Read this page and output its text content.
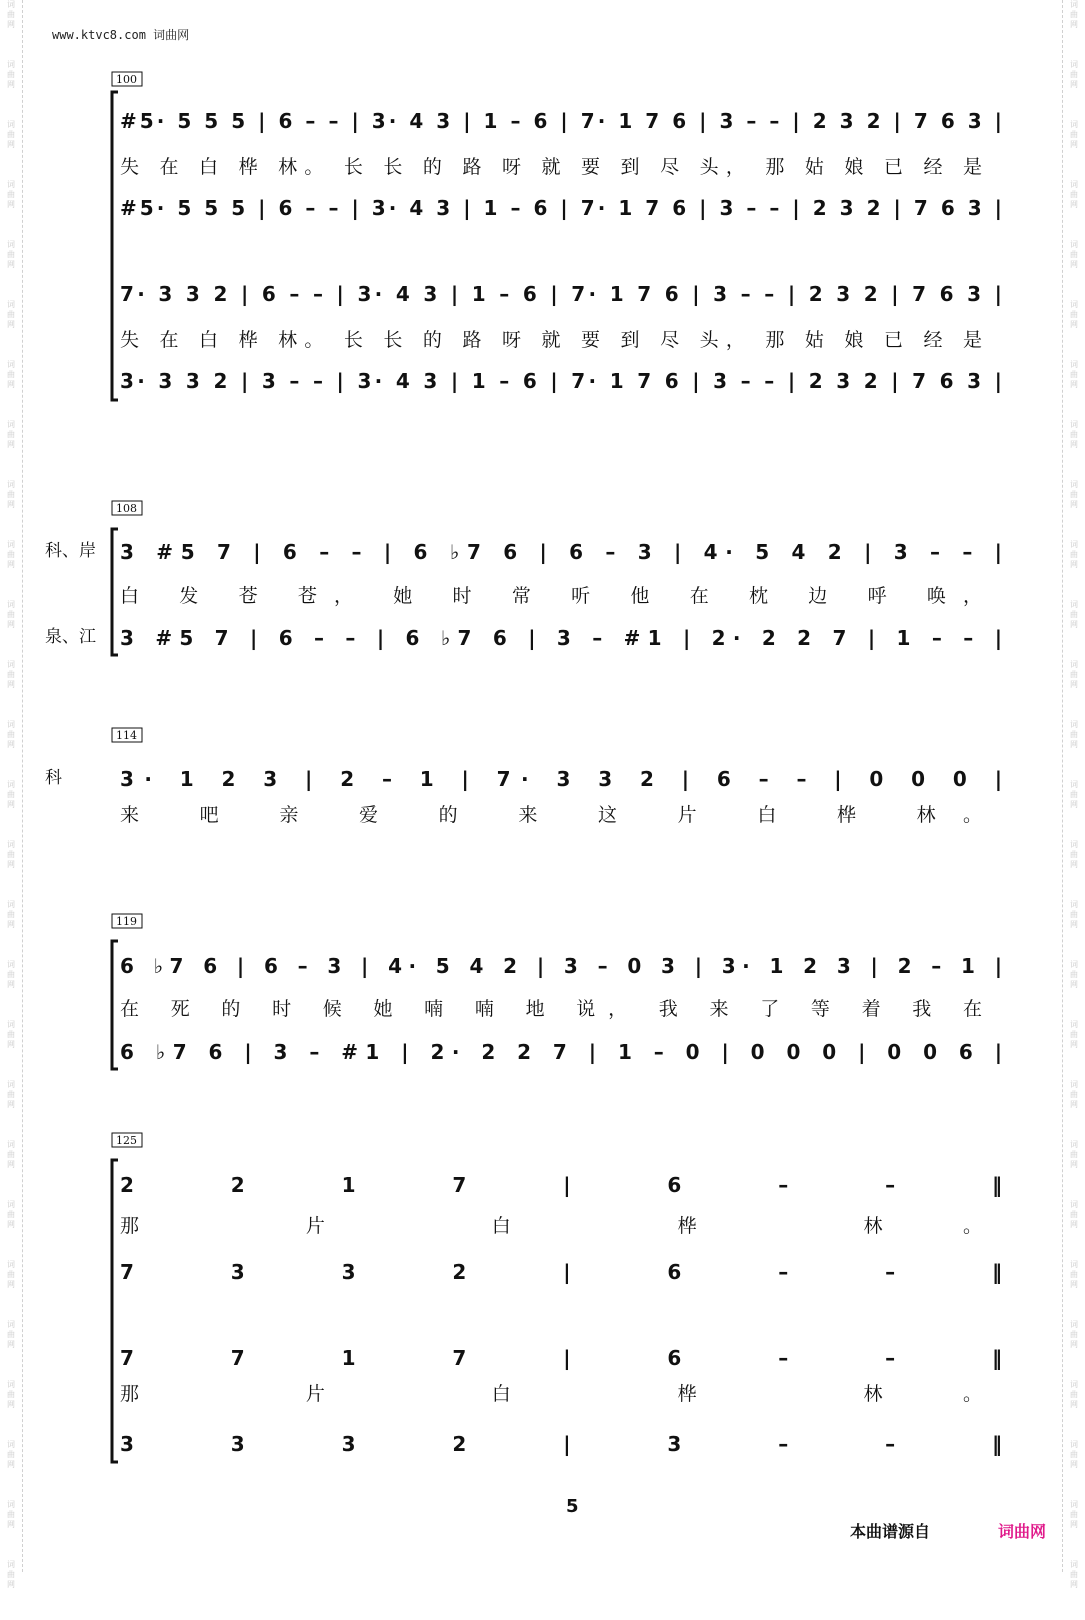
词
曲
网
词
曲
网
词
曲
网
词
曲
网
词
曲
网
词
曲
网
词
曲
网
词
曲
网
词
曲
网
词
曲
网
词
曲
网
词
曲
网
词
曲
网
词
曲
网
词
曲
网
词
曲
网
词
曲
网
词
曲
网
词
曲
网
词
曲
网
词
曲
网
词
曲
网
词
曲
网
词
曲
网
词
曲
网
词
曲
网
词
曲
网
词
曲
网
词
曲
网
词
曲
网
词
曲
网
词
曲
网
词
曲
网
词
曲
网
词
曲
网
词
曲
网
词
曲
网
词
曲
网
词
曲
网
词
曲
网
词
曲
网
词
曲
网
词
曲
网
词
曲
网
词
曲
网
词
曲
网
词
曲
网
词
曲
网
词
曲
网
词
曲
网
词
曲
网
词
曲
网
词
曲
网
词
曲
网
www.ktvc8.com 词曲网
100
#5· 5 5 5 | 6 – – | 3· 4 3 | 1 – 6 | 7· 1 7 6 | 3 – – | 2 3 2 | 7 6 3 |
失 在 白 桦 林。 长 长 的 路 呀 就 要 到 尽 头， 那 姑 娘 已 经 是
#5· 5 5 5 | 6 – – | 3· 4 3 | 1 – 6 | 7· 1 7 6 | 3 – – | 2 3 2 | 7 6 3 |
7· 3 3 2 | 6 – – | 3· 4 3 | 1 – 6 | 7· 1 7 6 | 3 – – | 2 3 2 | 7 6 3 |
失 在 白 桦 林。 长 长 的 路 呀 就 要 到 尽 头， 那 姑 娘 已 经 是
3· 3 3 2 | 3 – – | 3· 4 3 | 1 – 6 | 7· 1 7 6 | 3 – – | 2 3 2 | 7 6 3 |
108
科、岸 3 #5 7 | 6 – – | 6 ♭7 6 | 6 – 3 | 4· 5 4 2 | 3 – – |
白 发 苍 苍， 她 时 常 听 他 在 枕 边 呼 唤，
泉、江 3 #5 7 | 6 – – | 6 ♭7 6 | 3 – #1 | 2· 2 2 7 | 1 – – |
114
科	3· 1 2 3 | 2 – 1 | 7· 3 3 2 | 6 – – | 0 0 0 |
来 吧 亲 爱 的 来 这 片 白 桦 林。
119
6 ♭7 6 | 6 – 3 | 4· 5 4 2 | 3 – 0 3 | 3· 1 2 3 | 2 – 1 |
在 死 的 时 候 她 喃 喃 地 说， 我 来 了 等 着 我 在
6 ♭7 6 | 3 – #1 | 2· 2 2 7 | 1 – 0 | 0 0 0 | 0 0 6 |
125
2 2 1 7 | 6 – – ‖
那 片 白 桦 林。
7 3 3 2 | 6 – – ‖
7 7 1 7 | 6 – – ‖
那 片 白 桦 林。
3 3 3 2 | 3 – – ‖
5
本曲谱源自	词曲网
